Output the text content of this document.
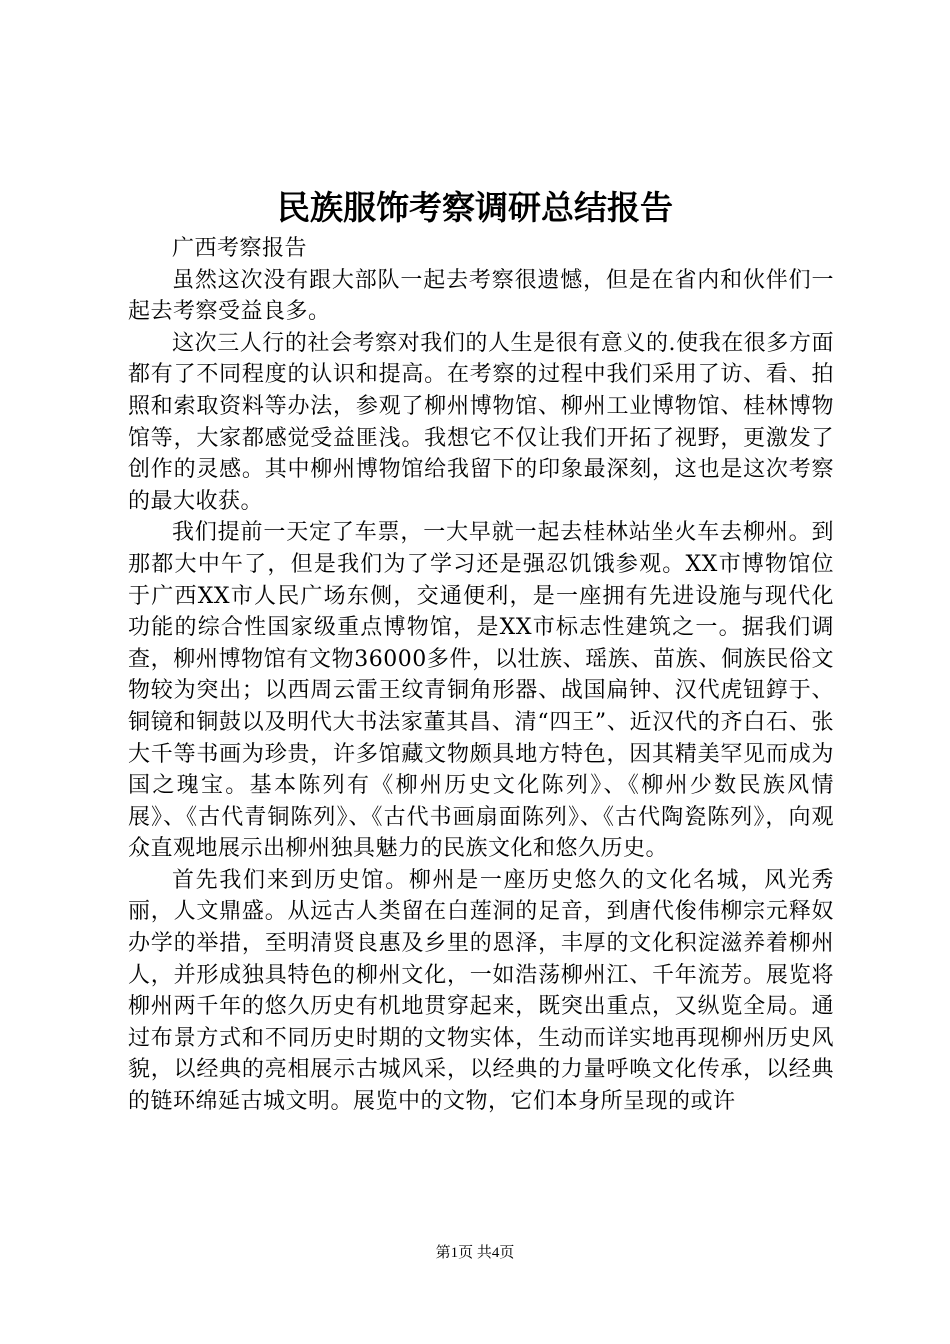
民族服饰考察调研总结报告

广西考察报告

虽然这次没有跟大部队一起去考察很遗憾，但是在省内和伙伴们一起去考察受益良多。

这次三人行的社会考察对我们的人生是很有意义的.使我在很多方面都有了不同程度的认识和提高。在考察的过程中我们采用了访、看、拍照和索取资料等办法，参观了柳州博物馆、柳州工业博物馆、桂林博物馆等，大家都感觉受益匪浅。我想它不仅让我们开拓了视野，更激发了创作的灵感。其中柳州博物馆给我留下的印象最深刻，这也是这次考察的最大收获。

我们提前一天定了车票，一大早就一起去桂林站坐火车去柳州。到那都大中午了，但是我们为了学习还是强忍饥饿参观。XX市博物馆位于广西XX市人民广场东侧，交通便利，是一座拥有先进设施与现代化功能的综合性国家级重点博物馆，是XX市标志性建筑之一。据我们调查，柳州博物馆有文物36000多件，以壮族、瑶族、苗族、侗族民俗文物较为突出；以西周云雷王纹青铜角形器、战国扁钟、汉代虎钮錞于、铜镜和铜鼓以及明代大书法家董其昌、清“四王”、近汉代的齐白石、张大千等书画为珍贵，许多馆藏文物颇具地方特色，因其精美罕见而成为国之瑰宝。基本陈列有《柳州历史文化陈列》、《柳州少数民族风情展》、《古代青铜陈列》、《古代书画扇面陈列》、《古代陶瓷陈列》，向观众直观地展示出柳州独具魅力的民族文化和悠久历史。

首先我们来到历史馆。柳州是一座历史悠久的文化名城，风光秀丽，人文鼎盛。从远古人类留在白莲洞的足音，到唐代俊伟柳宗元释奴办学的举措，至明清贤良惠及乡里的恩泽，丰厚的文化积淀滋养着柳州人，并形成独具特色的柳州文化，一如浩荡柳州江、千年流芳。展览将柳州两千年的悠久历史有机地贯穿起来，既突出重点，又纵览全局。通过布景方式和不同历史时期的文物实体，生动而详实地再现柳州历史风貌，以经典的亮相展示古城风采，以经典的力量呼唤文化传承，以经典的链环绵延古城文明。展览中的文物，它们本身所呈现的或许

第1页 共4页
